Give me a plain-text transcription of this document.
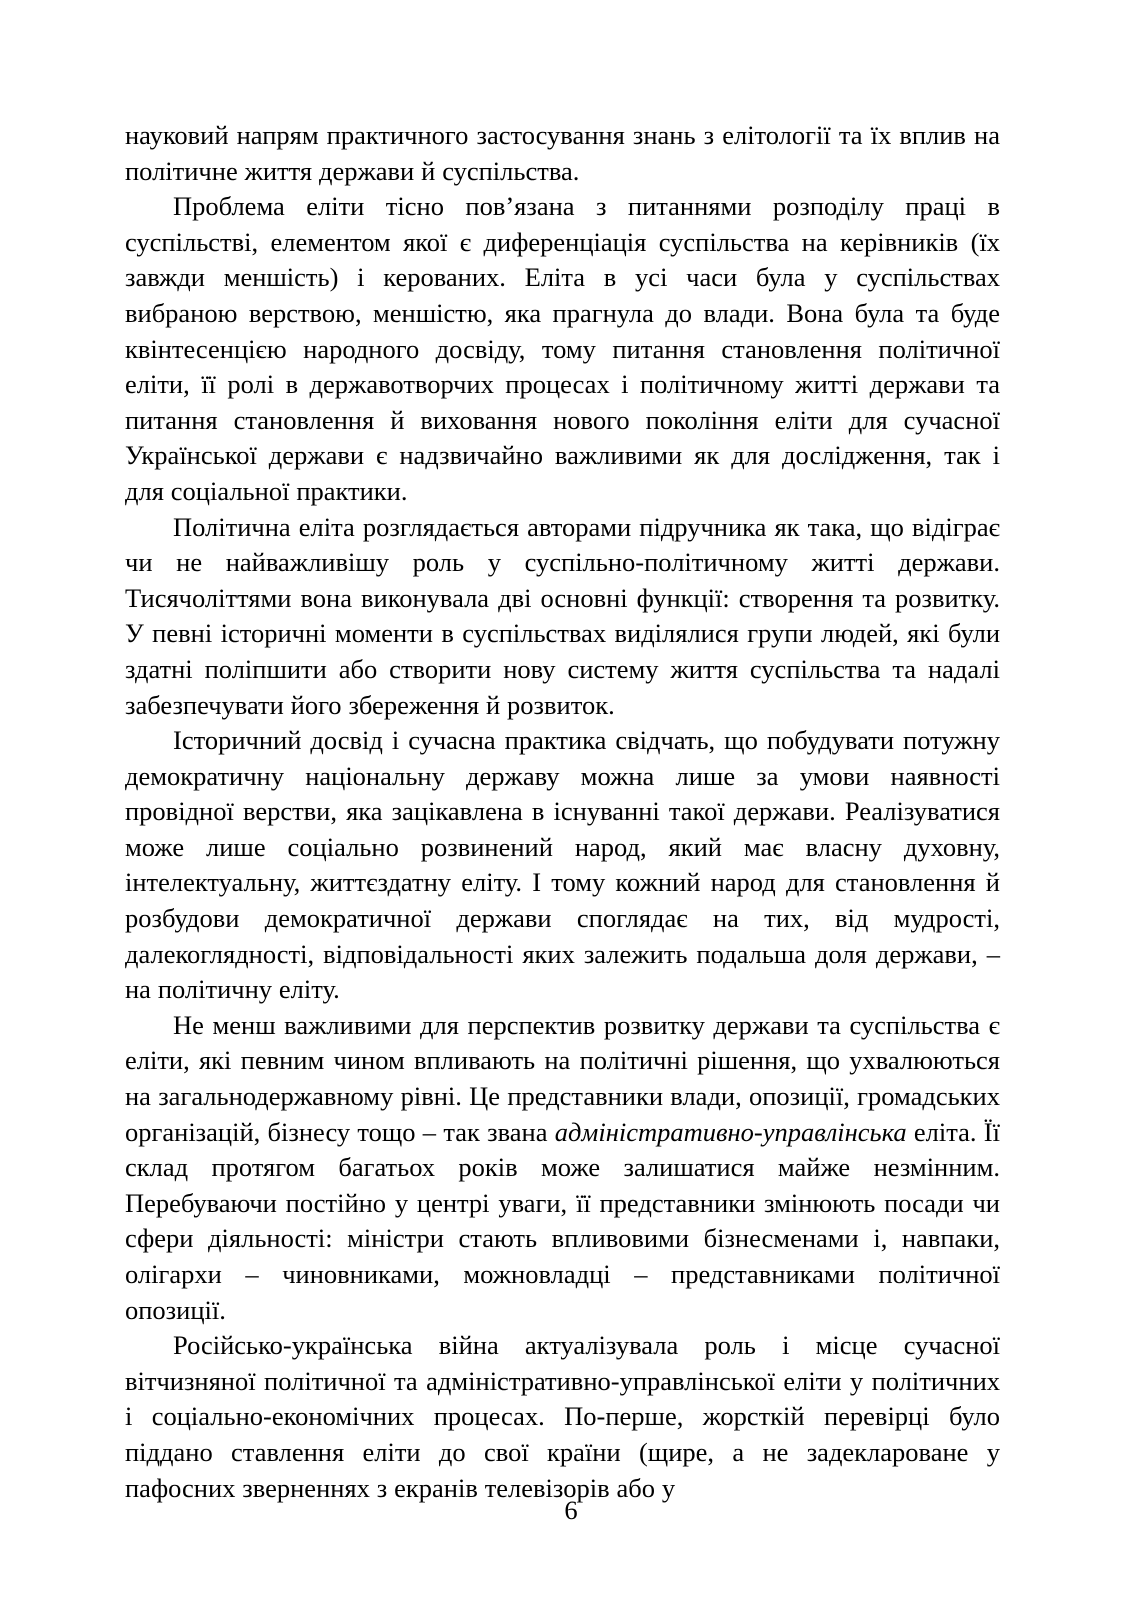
науковий напрям практичного застосування знань з елітології та їх вплив на політичне життя держави й суспільства.

Проблема еліти тісно пов’язана з питаннями розподілу праці в суспільстві, елементом якої є диференціація суспільства на керівників (їх завжди меншість) і керованих. Еліта в усі часи була у суспільствах вибраною верствою, меншістю, яка прагнула до влади. Вона була та буде квінтесенцією народного досвіду, тому питання становлення політичної еліти, її ролі в державотворчих процесах і політичному житті держави та питання становлення й виховання нового покоління еліти для сучасної Української держави є надзвичайно важливими як для дослідження, так і для соціальної практики.

Політична еліта розглядається авторами підручника як така, що відіграє чи не найважливішу роль у суспільно-політичному житті держави. Тисячоліттями вона виконувала дві основні функції: створення та розвитку. У певні історичні моменти в суспільствах виділялися групи людей, які були здатні поліпшити або створити нову систему життя суспільства та надалі забезпечувати його збереження й розвиток.

Історичний досвід і сучасна практика свідчать, що побудувати потужну демократичну національну державу можна лише за умови наявності провідної верстви, яка зацікавлена в існуванні такої держави. Реалізуватися може лише соціально розвинений народ, який має власну духовну, інтелектуальну, життєздатну еліту. І тому кожний народ для становлення й розбудови демократичної держави споглядає на тих, від мудрості, далекоглядності, відповідальності яких залежить подальша доля держави, – на політичну еліту.

Не менш важливими для перспектив розвитку держави та суспільства є еліти, які певним чином впливають на політичні рішення, що ухвалюються на загальнодержавному рівні. Це представники влади, опозиції, громадських організацій, бізнесу тощо – так звана адміністративно-управлінська еліта. Її склад протягом багатьох років може залишатися майже незмінним. Перебуваючи постійно у центрі уваги, її представники змінюють посади чи сфери діяльності: міністри стають впливовими бізнесменами і, навпаки, олігархи – чиновниками, можновладці – представниками політичної опозиції.

Російсько-українська війна актуалізувала роль і місце сучасної вітчизняної політичної та адміністративно-управлінської еліти у політичних і соціально-економічних процесах. По-перше, жорсткій перевірці було піддано ставлення еліти до свої країни (щире, а не задеклароване у пафосних зверненнях з екранів телевізорів або у

6
